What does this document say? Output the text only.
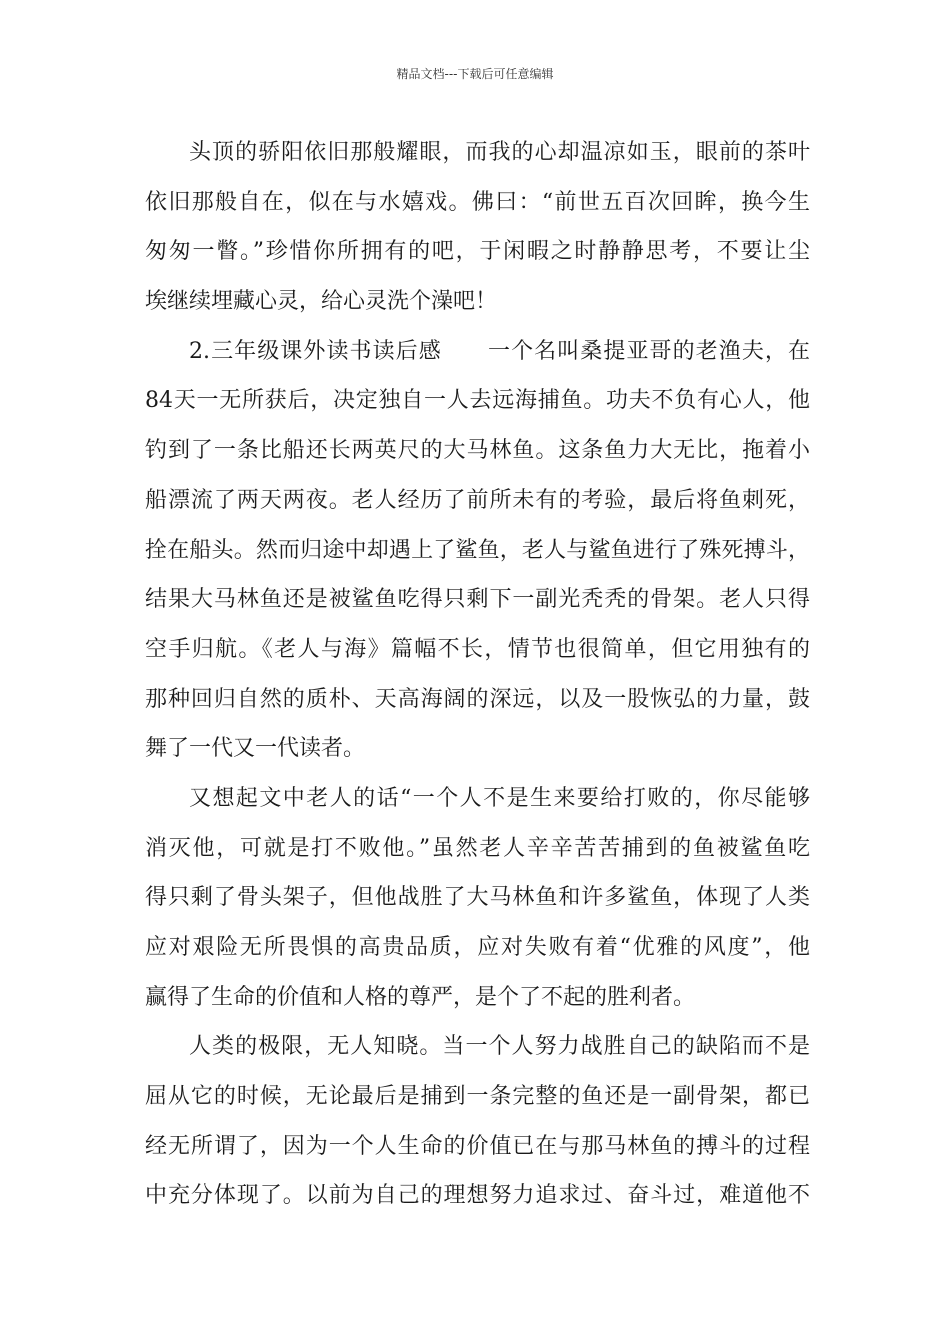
精品文档---下载后可任意编辑
头顶的骄阳依旧那般耀眼，而我的心却温凉如玉，眼前的茶叶
依旧那般自在，似在与水嬉戏。佛曰：“前世五百次回眸，换今生
匆匆一瞥。”珍惜你所拥有的吧，于闲暇之时静静思考，不要让尘
埃继续埋藏心灵，给心灵洗个澡吧！
2.三年级课外读书读后感　　一个名叫桑提亚哥的老渔夫，在
84天一无所获后，决定独自一人去远海捕鱼。功夫不负有心人，他
钓到了一条比船还长两英尺的大马林鱼。这条鱼力大无比，拖着小
船漂流了两天两夜。老人经历了前所未有的考验，最后将鱼刺死，
拴在船头。然而归途中却遇上了鲨鱼，老人与鲨鱼进行了殊死搏斗，
结果大马林鱼还是被鲨鱼吃得只剩下一副光秃秃的骨架。老人只得
空手归航。《老人与海》篇幅不长，情节也很简单，但它用独有的
那种回归自然的质朴、天高海阔的深远，以及一股恢弘的力量，鼓
舞了一代又一代读者。
又想起文中老人的话“一个人不是生来要给打败的，你尽能够
消灭他，可就是打不败他。”虽然老人辛辛苦苦捕到的鱼被鲨鱼吃
得只剩了骨头架子，但他战胜了大马林鱼和许多鲨鱼，体现了人类
应对艰险无所畏惧的高贵品质，应对失败有着“优雅的风度”，他
赢得了生命的价值和人格的尊严，是个了不起的胜利者。
人类的极限，无人知晓。当一个人努力战胜自己的缺陷而不是
屈从它的时候，无论最后是捕到一条完整的鱼还是一副骨架，都已
经无所谓了，因为一个人生命的价值已在与那马林鱼的搏斗的过程
中充分体现了。以前为自己的理想努力追求过、奋斗过，难道他不
